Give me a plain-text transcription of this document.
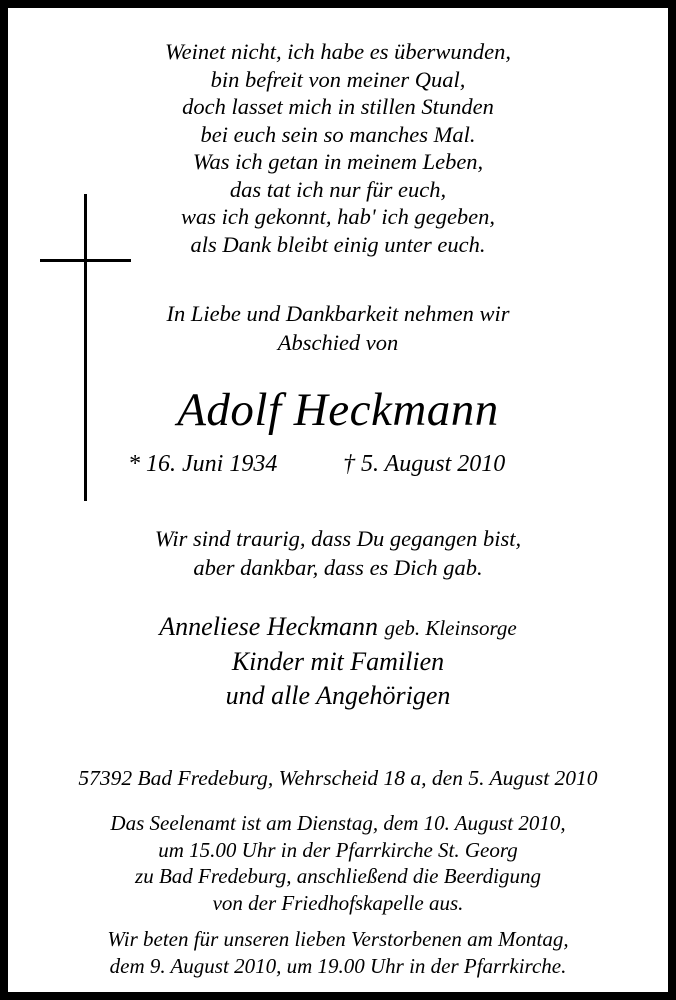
Weinet nicht, ich habe es überwunden,
bin befreit von meiner Qual,
doch lasset mich in stillen Stunden
bei euch sein so manches Mal.
Was ich getan in meinem Leben,
das tat ich nur für euch,
was ich gekonnt, hab' ich gegeben,
als Dank bleibt einig unter euch.
In Liebe und Dankbarkeit nehmen wir
Abschied von
Adolf Heckmann
* 16. Juni 1934	† 5. August 2010
Wir sind traurig, dass Du gegangen bist,
aber dankbar, dass es Dich gab.
Anneliese Heckmann geb. Kleinsorge
Kinder mit Familien
und alle Angehörigen
57392 Bad Fredeburg, Wehrscheid 18 a, den 5. August 2010
Das Seelenamt ist am Dienstag, dem 10. August 2010,
um 15.00 Uhr in der Pfarrkirche St. Georg
zu Bad Fredeburg, anschließend die Beerdigung
von der Friedhofskapelle aus.
Wir beten für unseren lieben Verstorbenen am Montag,
dem 9. August 2010, um 19.00 Uhr in der Pfarrkirche.
